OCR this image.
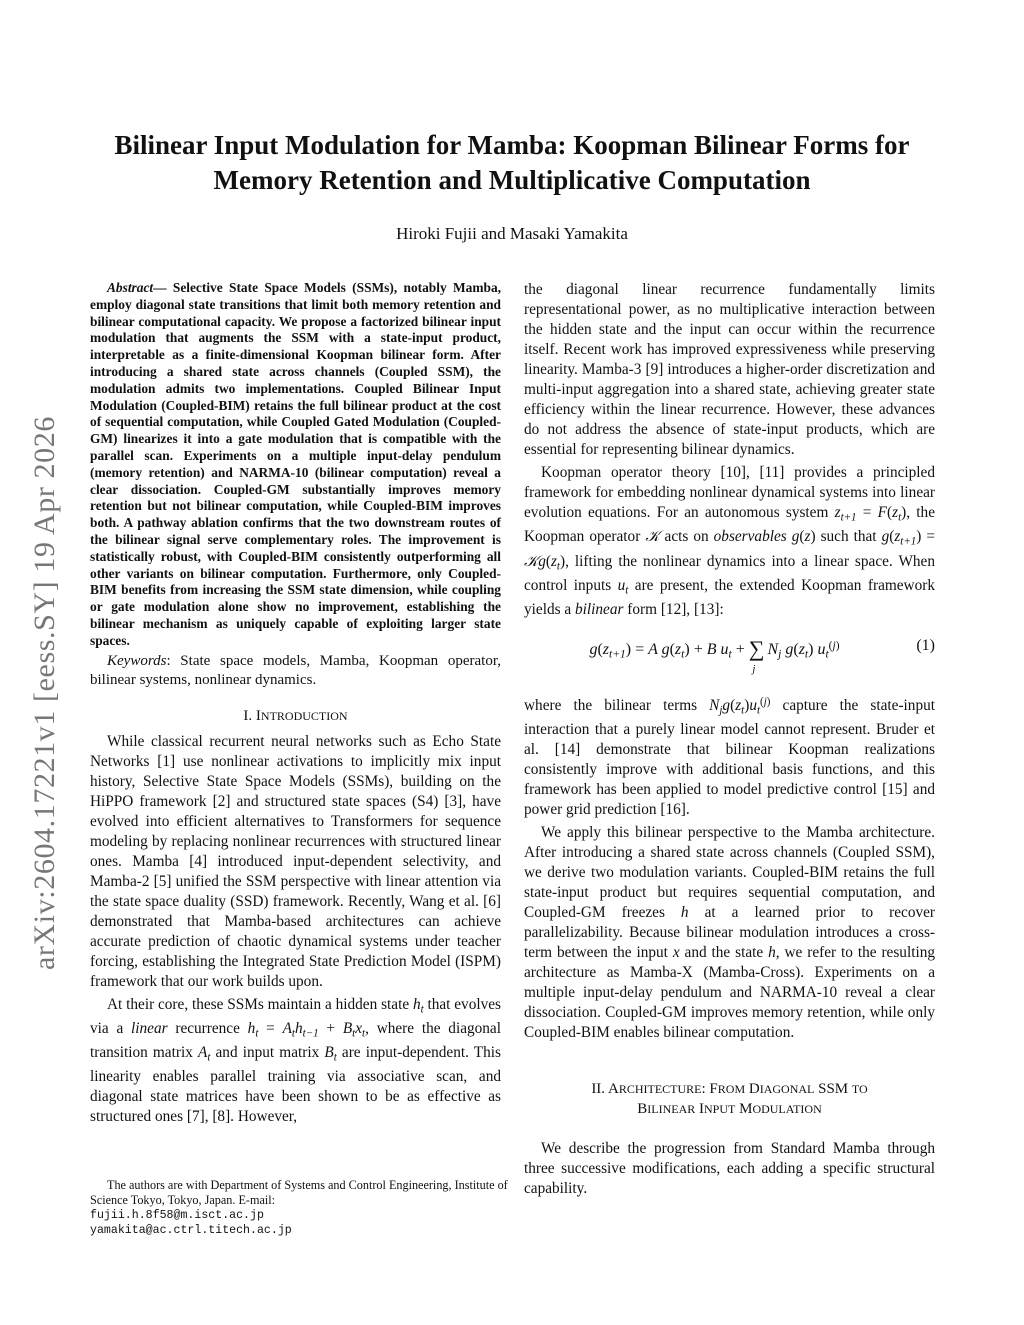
arXiv:2604.17221v1 [eess.SY] 19 Apr 2026
Bilinear Input Modulation for Mamba: Koopman Bilinear Forms for
Memory Retention and Multiplicative Computation
Hiroki Fujii and Masaki Yamakita

Abstract— Selective State Space Models (SSMs), notably Mamba, employ diagonal state transitions that limit both memory retention and bilinear computational capacity. We propose a factorized bilinear input modulation that augments the SSM with a state-input product, interpretable as a finite-dimensional Koopman bilinear form. After introducing a shared state across channels (Coupled SSM), the modulation admits two implementations. Coupled Bilinear Input Modulation (Coupled-BIM) retains the full bilinear product at the cost of sequential computation, while Coupled Gated Modulation (Coupled-GM) linearizes it into a gate modulation that is compatible with the parallel scan. Experiments on a multiple input-delay pendulum (memory retention) and NARMA-10 (bilinear computation) reveal a clear dissociation. Coupled-GM substantially improves memory retention but not bilinear computation, while Coupled-BIM improves both. A pathway ablation confirms that the two downstream routes of the bilinear signal serve complementary roles. The improvement is statistically robust, with Coupled-BIM consistently outperforming all other variants on bilinear computation. Furthermore, only Coupled-BIM benefits from increasing the SSM state dimension, while coupling or gate modulation alone show no improvement, establishing the bilinear mechanism as uniquely capable of exploiting larger state spaces.

Keywords: State space models, Mamba, Koopman operator, bilinear systems, nonlinear dynamics.

I. INTRODUCTION

While classical recurrent neural networks such as Echo State Networks [1] use nonlinear activations to implicitly mix input history, Selective State Space Models (SSMs), building on the HiPPO framework [2] and structured state spaces (S4) [3], have evolved into efficient alternatives to Transformers for sequence modeling by replacing nonlinear recurrences with structured linear ones. Mamba [4] introduced input-dependent selectivity, and Mamba-2 [5] unified the SSM perspective with linear attention via the state space duality (SSD) framework. Recently, Wang et al. [6] demonstrated that Mamba-based architectures can achieve accurate prediction of chaotic dynamical systems under teacher forcing, establishing the Integrated State Prediction Model (ISPM) framework that our work builds upon.

At their core, these SSMs maintain a hidden state $h_t$ that evolves via a linear recurrence $h_t = A_th_{t-1} + B_tx_t$, where the diagonal transition matrix $A_t$ and input matrix $B_t$ are input-dependent. This linearity enables parallel training via associative scan, and diagonal state matrices have been shown to be as effective as structured ones [7], [8]. However,

the diagonal linear recurrence fundamentally limits representational power, as no multiplicative interaction between the hidden state and the input can occur within the recurrence itself. Recent work has improved expressiveness while preserving linearity. Mamba-3 [9] introduces a higher-order discretization and multi-input aggregation into a shared state, achieving greater state efficiency within the linear recurrence. However, these advances do not address the absence of state-input products, which are essential for representing bilinear dynamics.

Koopman operator theory [10], [11] provides a principled framework for embedding nonlinear dynamical systems into linear evolution equations. For an autonomous system $z_{t+1} = F(z_t)$, the Koopman operator 𝒦 acts on observables g(z) such that $g(z_{t+1})$ = $𝒦g(z_t)$, lifting the nonlinear dynamics into a linear space. When control inputs $u_t$ are present, the extended Koopman framework yields a bilinear form [12], [13]:

$g(z_{t+1}) = A$ $g(z_t) + B$ $u_t + \sum_jN_j$ $g(z_t)$ $u_t^{(j)}$	(1)

where the bilinear terms $N_jg(z_t)u_t^{(j)}$ capture the state-input interaction that a purely linear model cannot represent. Bruder et al. [14] demonstrate that bilinear Koopman realizations consistently improve with additional basis functions, and this framework has been applied to model predictive control [15] and power grid prediction [16].

We apply this bilinear perspective to the Mamba architecture. After introducing a shared state across channels (Coupled SSM), we derive two modulation variants. Coupled-BIM retains the full state-input product but requires sequential computation, and Coupled-GM freezes h at a learned prior to recover parallelizability. Because bilinear modulation introduces a cross-term between the input x and the state h, we refer to the resulting architecture as Mamba-X (Mamba-Cross). Experiments on a multiple input-delay pendulum and NARMA-10 reveal a clear dissociation. Coupled-GM improves memory retention, while only Coupled-BIM enables bilinear computation.

II. ARCHITECTURE: FROM DIAGONAL SSM TO
BILINEAR INPUT MODULATION

We describe the progression from Standard Mamba through three successive modifications, each adding a specific structural capability.

The authors are with Department of Systems and Control Engineering, Institute of Science Tokyo, Tokyo, Japan. E-mail:
fujii.h.8f58@m.isct.ac.jp
yamakita@ac.ctrl.titech.ac.jp
